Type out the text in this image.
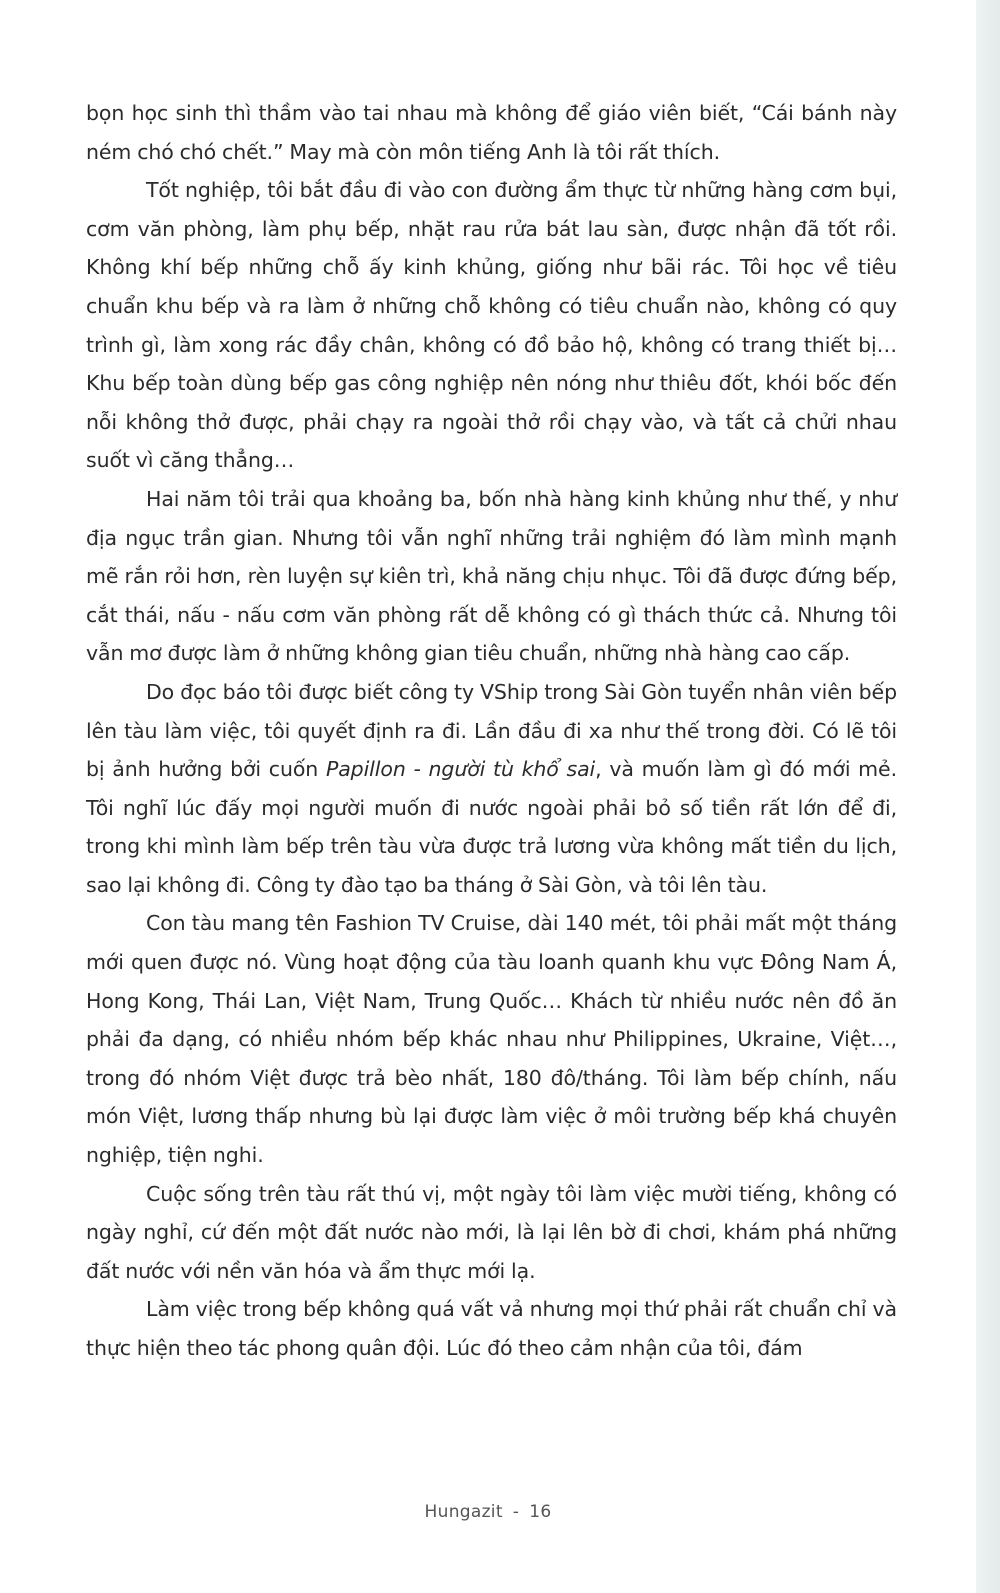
bọn học sinh thì thầm vào tai nhau mà không để giáo viên biết, “Cái bánh này ném chó chó chết.” May mà còn môn tiếng Anh là tôi rất thích.

Tốt nghiệp, tôi bắt đầu đi vào con đường ẩm thực từ những hàng cơm bụi, cơm văn phòng, làm phụ bếp, nhặt rau rửa bát lau sàn, được nhận đã tốt rồi. Không khí bếp những chỗ ấy kinh khủng, giống như bãi rác. Tôi học về tiêu chuẩn khu bếp và ra làm ở những chỗ không có tiêu chuẩn nào, không có quy trình gì, làm xong rác đầy chân, không có đồ bảo hộ, không có trang thiết bị… Khu bếp toàn dùng bếp gas công nghiệp nên nóng như thiêu đốt, khói bốc đến nỗi không thở được, phải chạy ra ngoài thở rồi chạy vào, và tất cả chửi nhau suốt vì căng thẳng…

Hai năm tôi trải qua khoảng ba, bốn nhà hàng kinh khủng như thế, y như địa ngục trần gian. Nhưng tôi vẫn nghĩ những trải nghiệm đó làm mình mạnh mẽ rắn rỏi hơn, rèn luyện sự kiên trì, khả năng chịu nhục. Tôi đã được đứng bếp, cắt thái, nấu - nấu cơm văn phòng rất dễ không có gì thách thức cả. Nhưng tôi vẫn mơ được làm ở những không gian tiêu chuẩn, những nhà hàng cao cấp.

Do đọc báo tôi được biết công ty VShip trong Sài Gòn tuyển nhân viên bếp lên tàu làm việc, tôi quyết định ra đi. Lần đầu đi xa như thế trong đời. Có lẽ tôi bị ảnh hưởng bởi cuốn Papillon - người tù khổ sai, và muốn làm gì đó mới mẻ. Tôi nghĩ lúc đấy mọi người muốn đi nước ngoài phải bỏ số tiền rất lớn để đi, trong khi mình làm bếp trên tàu vừa được trả lương vừa không mất tiền du lịch, sao lại không đi. Công ty đào tạo ba tháng ở Sài Gòn, và tôi lên tàu.

Con tàu mang tên Fashion TV Cruise, dài 140 mét, tôi phải mất một tháng mới quen được nó. Vùng hoạt động của tàu loanh quanh khu vực Đông Nam Á, Hong Kong, Thái Lan, Việt Nam, Trung Quốc… Khách từ nhiều nước nên đồ ăn phải đa dạng, có nhiều nhóm bếp khác nhau như Philippines, Ukraine, Việt…, trong đó nhóm Việt được trả bèo nhất, 180 đô/tháng. Tôi làm bếp chính, nấu món Việt, lương thấp nhưng bù lại được làm việc ở môi trường bếp khá chuyên nghiệp, tiện nghi.

Cuộc sống trên tàu rất thú vị, một ngày tôi làm việc mười tiếng, không có ngày nghỉ, cứ đến một đất nước nào mới, là lại lên bờ đi chơi, khám phá những đất nước với nền văn hóa và ẩm thực mới lạ.

Làm việc trong bếp không quá vất vả nhưng mọi thứ phải rất chuẩn chỉ và thực hiện theo tác phong quân đội. Lúc đó theo cảm nhận của tôi, đám

Hungazit - 16
